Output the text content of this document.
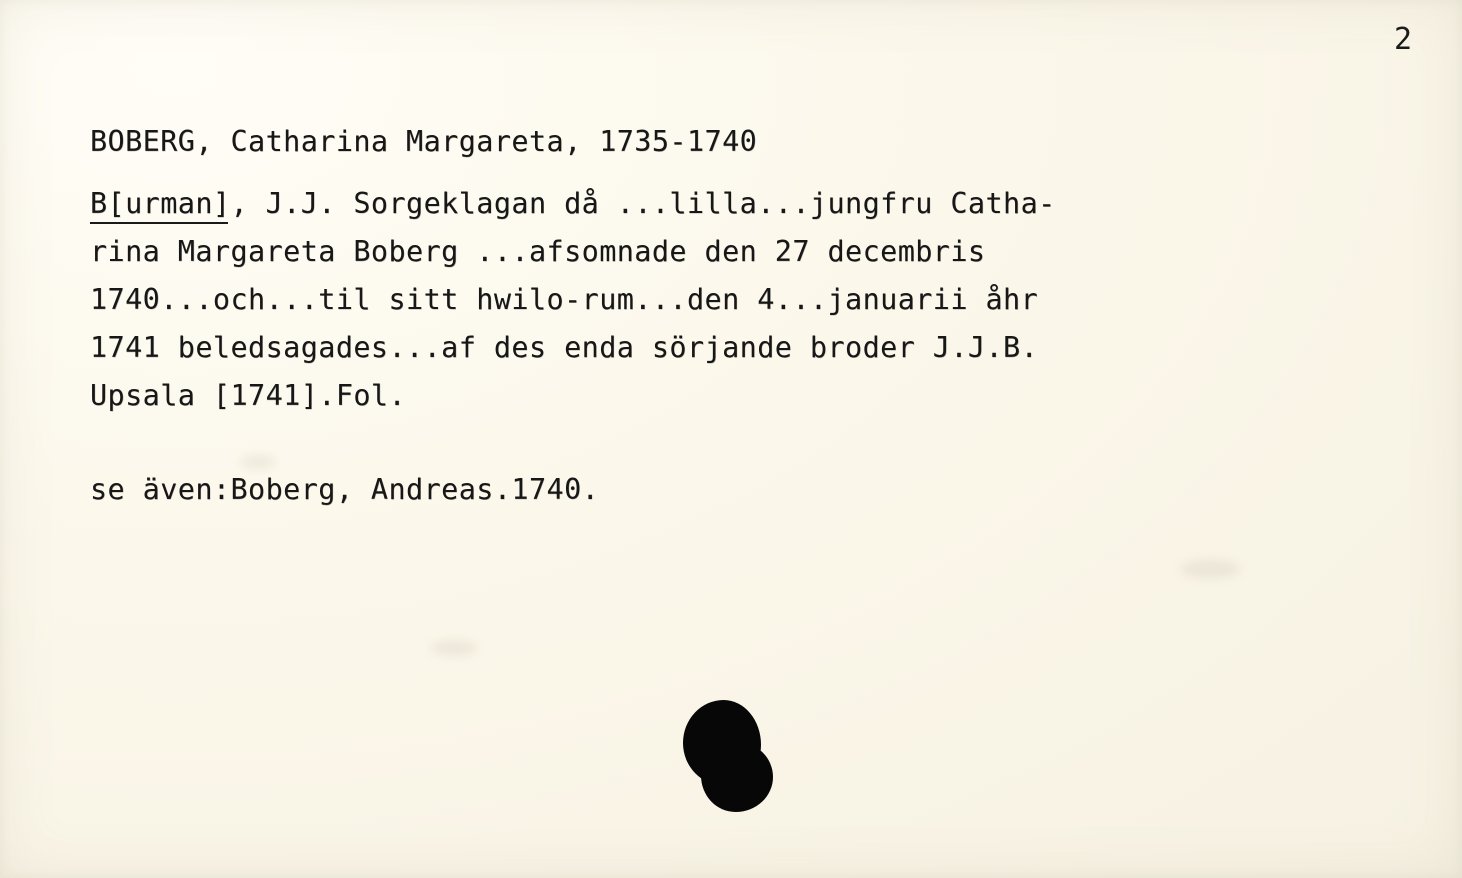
2
BOBERG, Catharina Margareta, 1735-1740
B[urman], J.J. Sorgeklagan då ...lilla...jungfru Catha-
rina Margareta Boberg ...afsomnade den 27 decembris
1740...och...til sitt hwilo-rum...den 4...januarii åhr
1741 beledsagades...af des enda sörjande broder J.J.B.
Upsala [1741].Fol.
se även:Boberg, Andreas.1740.
